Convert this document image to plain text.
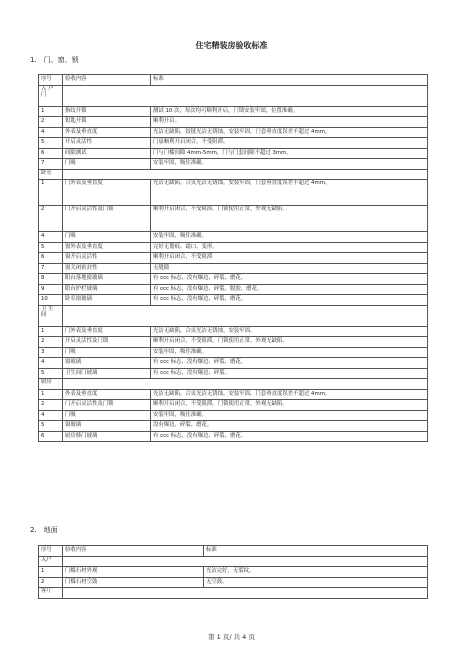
住宅精装房验收标准
1.　门、窗、锁
序号	验收内容	标准
入 户 门		
1	指纹开锁	测试 10 次，每次均可顺利开启，门锁安装牢固，位置准确。
2	钥匙开锁	顺利开启。
4	外表及垂直度	光洁无缺陷，铰链光洁无锈蚀，安装牢固，门套垂直度误差不超过 4mm。
5	开启灵活性	门扇顺利开启闭合，不受阻滞。
6	间隙测试	门与门槛间隙 4mm-5mm，门与门套间隙不超过 3mm。
7	门吸	安装牢固，吸住准确。
卧室		
1	门外表及垂直度	光洁无缺陷，合页光洁无锈蚀，安装牢固，门套垂直度误差不超过 4mm。
2	门开启灵活性及门锁	顺利开启闭合，不受阻滞。门锁使用正常，外观无缺陷。
4	门吸	安装牢固，吸住准确。
5	窗外表及垂直度	完好无划痕、霜口、变形。
6	窗开启灵活性	顺利开启闭合，不受阻滞
7	窗关闭密封性	无缝隙
8	阳台落地窗玻璃	有 ccc 标志，没有爆边、碎裂、磨花。
9	阳台护栏玻璃	有 ccc 标志，没有爆边、碎裂、脱胶、磨花。
10	卧室窗玻璃	有 ccc 标志，没有爆边、碎裂、磨花。
卫 生 间		
1	门外表及垂直度	光洁无缺陷，合页光洁无锈蚀，安装牢固。
2	开启灵活性及门锁	顺利开启闭合，不受阻滞。门锁使用正常，外观无缺陷。
3	门吸	安装牢固，吸住准确。
4	窗玻璃	有 ccc 标志，没有爆边、碎裂、磨花。
5	卫生间门玻璃	有 ccc 标志，没有爆边、碎裂。
厨房		
1	外表及垂直度	光洁无缺陷，合页光洁无锈蚀，安装牢固，门套垂直度误差不超过 4mm。
2	门开启灵活性及门锁	顺利开启闭合，不受阻滞。门锁使用正常，外观无缺陷。
4	门吸	安装牢固，吸住准确。
5	窗玻璃	没有爆边、碎裂、磨花。
6	厨房移门玻璃	有 ccc 标志，没有爆边、碎裂、磨花。
2.　地面
序号	验收内容	标准
入户		
1	门槛石材外观	光洁完好，无裂纹。
2	门槛石材空鼓	无空鼓。
客厅		
第 1 页/ 共 4 页
